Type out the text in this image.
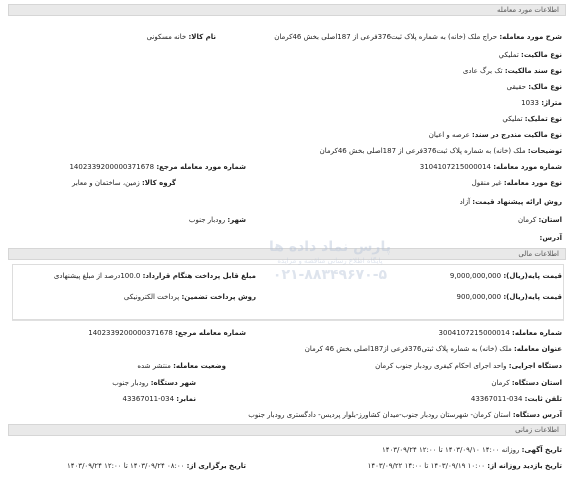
اطلاعات مورد معامله
شرح مورد معامله: حراج ملک (خانه) به شماره پلاک ثبت376فرعی از 187اصلی بخش 46کرمان
نام کالا: خانه مسکونی
نوع مالکیت: تمليكي
نوع سند مالکیت: تک برگ عادی
نوع مالک: حقیقی
متراژ: 1033
نوع تمليک: تمليكي
نوع مالکیت مندرج در سند: عرصه و اعیان
توضیحات: ملک (خانه) به شماره پلاک ثبت376فرعی از 187اصلی بخش 46کرمان
شماره مورد معامله: 3104107215000014
شماره مورد معامله مرجع: 1402339200000371678
نوع مورد معامله: غیر منقول
گروه کالا: زمین، ساختمان و معابر
روش ارائه پیشنهاد قیمت: آزاد
استان: کرمان
شهر: رودبار جنوب
آدرس:
اطلاعات مالی
قیمت پایه(ریال): 9,000,000,000
مبلغ قابل پرداخت هنگام قرارداد: 100.0درصد از مبلغ پیشنهادی
قیمت پایه(ریال): 900,000,000
روش پرداخت تضمین: پرداخت الکترونیکی
پارس نماد داده ها
پایگاه اطلاع رسانی مناقصه و مزایده
۰۲۱-۸۸۳۴۹۶۷۰-۵
شماره معامله: 3004107215000014
شماره معامله مرجع: 1402339200000371678
عنوان معامله: ملک (خانه) به شماره پلاک ثبتی376فرعی از187اصلی بخش 46 کرمان
دستگاه اجرایی: واحد اجرای احکام کیفری رودبار جنوب کرمان
وضعیت معامله: منتشر شده
استان دستگاه: کرمان
شهر دستگاه: رودبار جنوب
تلفن ثابت: 034-43367011
نمابر: 034-43367011
آدرس دستگاه: استان کرمان- شهرستان رودبار جنوب-میدان کشاورز-بلوار پردیس- دادگستری رودبار جنوب
اطلاعات زمانی
تاریخ آگهی: روزانه ۱۴:۰۰ ۱۴۰۳/۰۹/۱۰ تا ۱۲:۰۰ ۱۴۰۳/۰۹/۲۴
تاریخ بازدید روزانه از: ۱۰:۰۰ ۱۴۰۳/۰۹/۱۹ تا ۱۴:۰۰ ۱۴۰۳/۰۹/۲۲
تاریخ برگزاری از: ۰۸:۰۰ ۱۴۰۳/۰۹/۲۴ تا ۱۲:۰۰ ۱۴۰۳/۰۹/۲۴
